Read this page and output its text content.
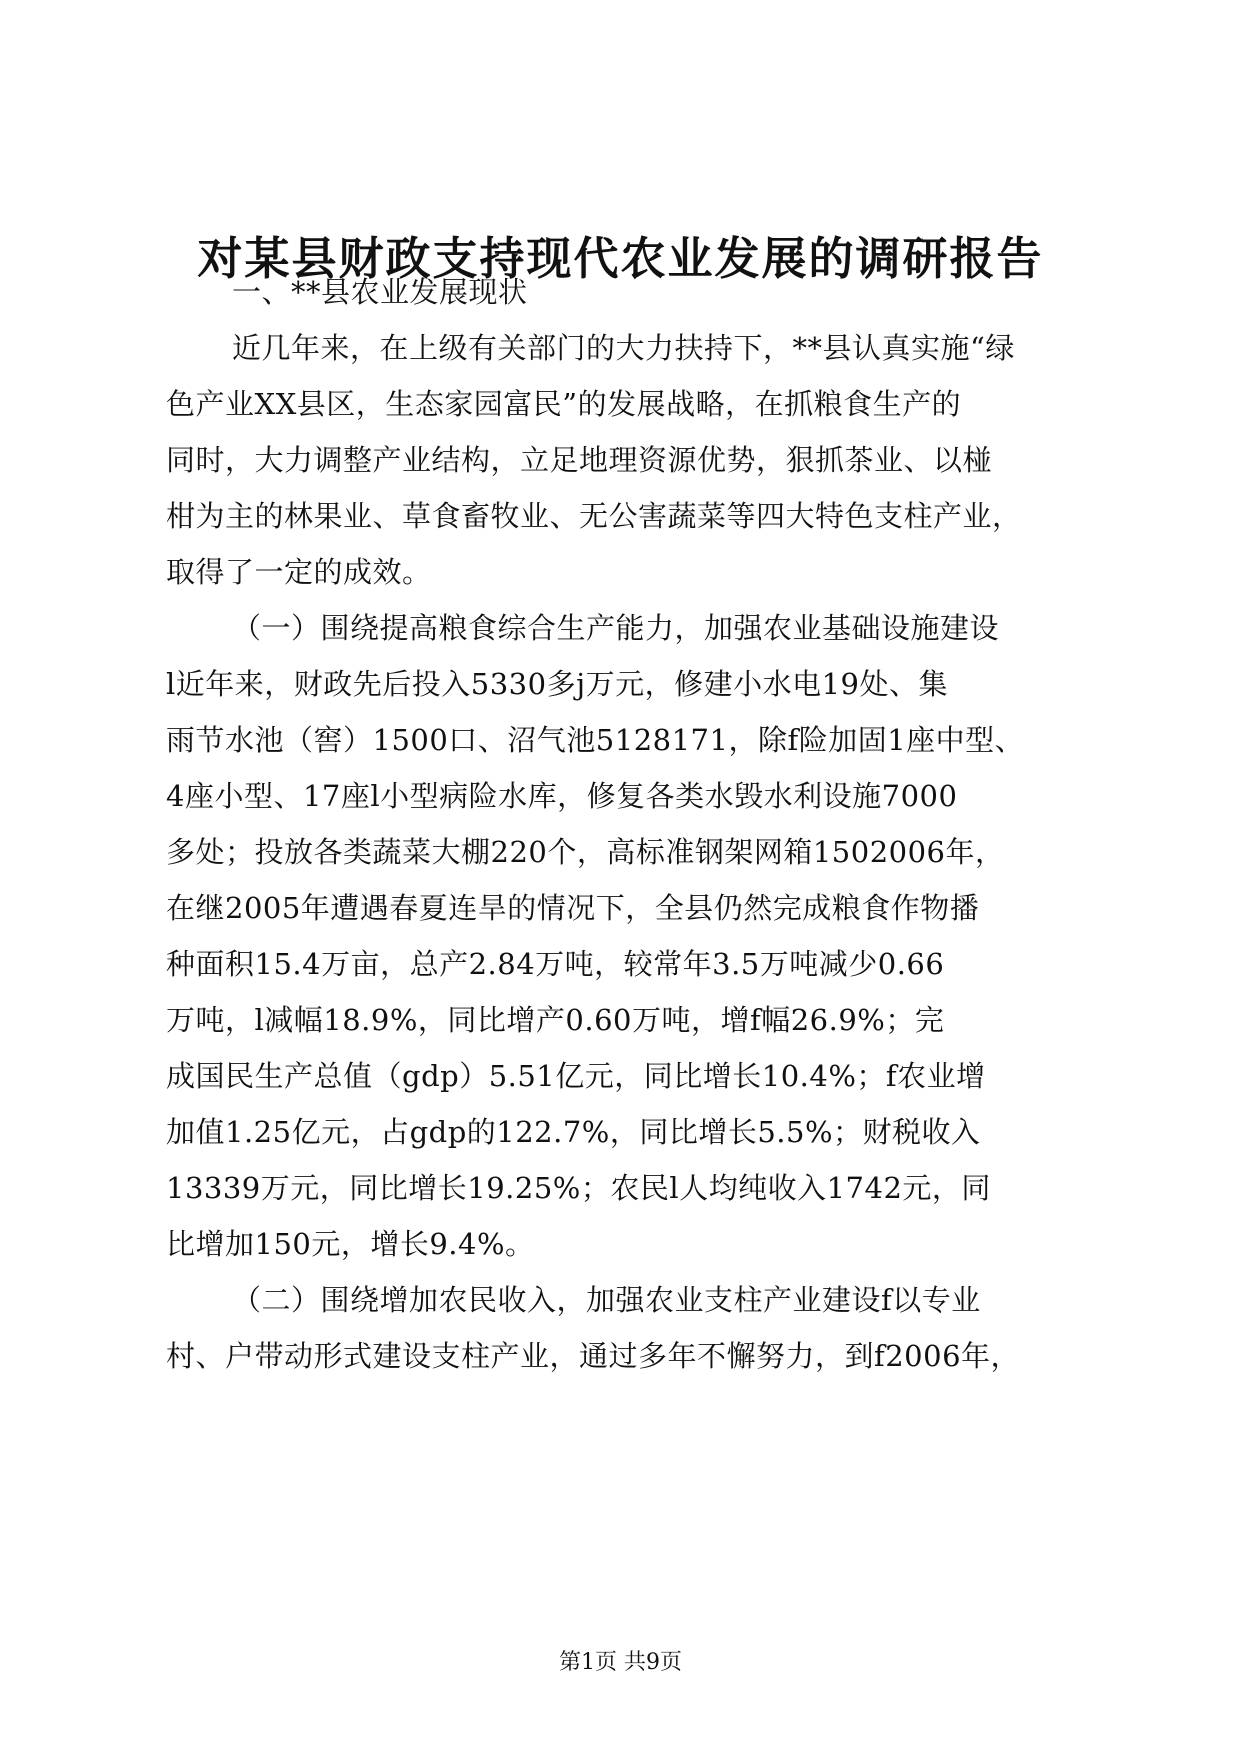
对某县财政支持现代农业发展的调研报告
一、**县农业发展现状
近几年来，在上级有关部门的大力扶持下，**县认真实施“绿
色产业XX县区，生态家园富民”的发展战略，在抓粮食生产的
同时，大力调整产业结构，立足地理资源优势，狠抓茶业、以椪
柑为主的林果业、草食畜牧业、无公害蔬菜等四大特色支柱产业，
取得了一定的成效。
（一）围绕提高粮食综合生产能力，加强农业基础设施建设
l近年来，财政先后投入5330多j万元，修建小水电19处、集
雨节水池（窖）1500口、沼气池5128171，除f险加固1座中型、
4座小型、17座l小型病险水库，修复各类水毁水利设施7000
多处；投放各类蔬菜大棚220个，高标准钢架网箱1502006年，
在继2005年遭遇春夏连旱的情况下，全县仍然完成粮食作物播
种面积15.4万亩，总产2.84万吨，较常年3.5万吨减少0.66
万吨，l减幅18.9%，同比增产0.60万吨，增f幅26.9%；完
成国民生产总值（gdp）5.51亿元，同比增长10.4%；f农业增
加值1.25亿元，占gdp的122.7%，同比增长5.5%；财税收入
13339万元，同比增长19.25%；农民l人均纯收入1742元，同
比增加150元，增长9.4%。
（二）围绕增加农民收入，加强农业支柱产业建设f以专业
村、户带动形式建设支柱产业，通过多年不懈努力，到f2006年，
第1页 共9页
